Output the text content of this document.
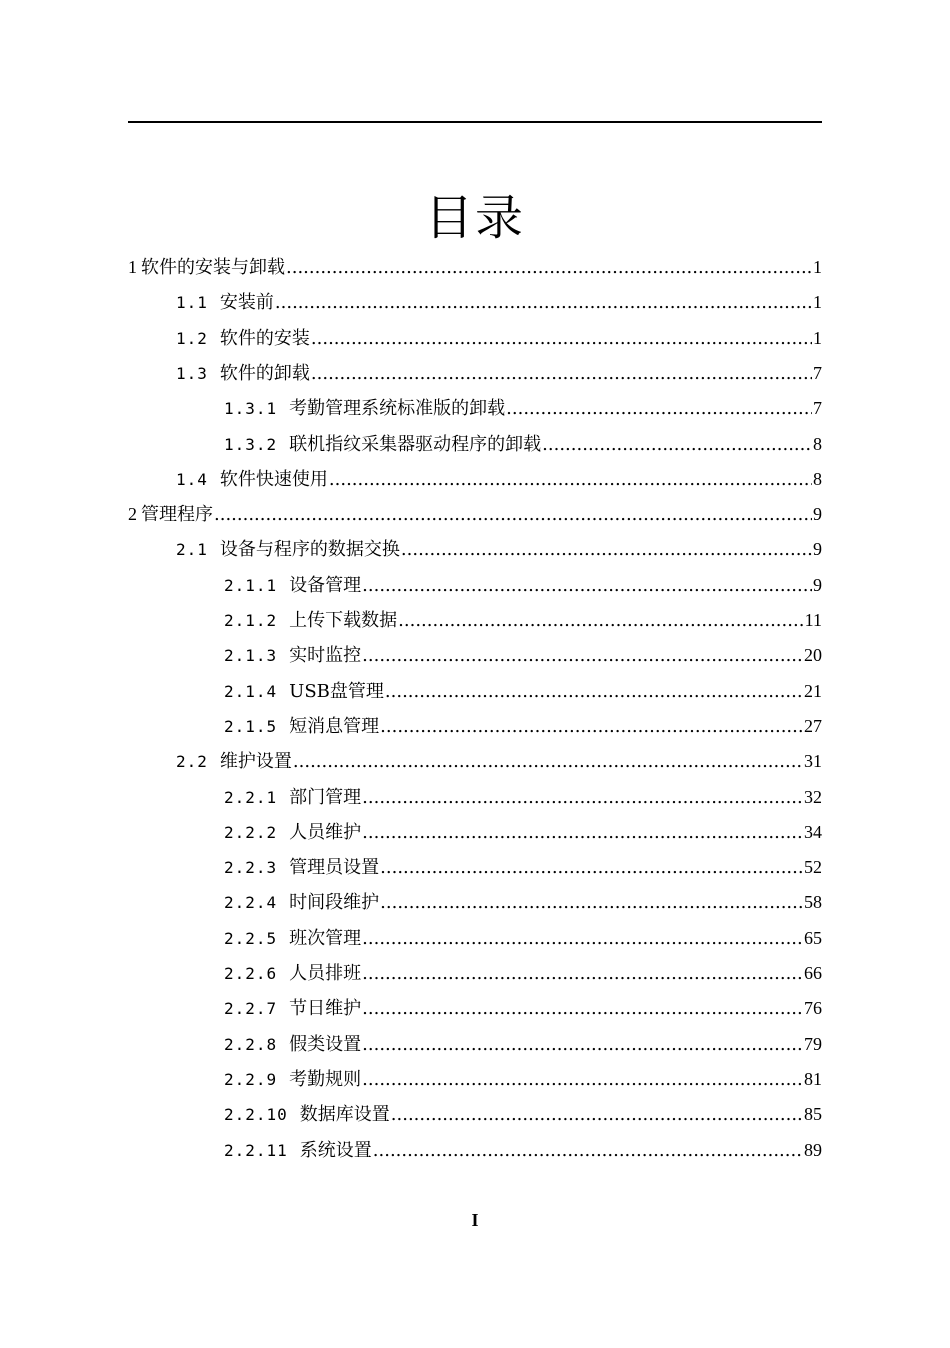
目录
1 软件的安装与卸载 .....	1
1.1 安装前 .....	1
1.2 软件的安装 .....	1
1.3 软件的卸载 .....	7
1.3.1 考勤管理系统标准版的卸载 .....	7
1.3.2 联机指纹采集器驱动程序的卸载 .....	8
1.4 软件快速使用 .....	8
2 管理程序 .....	9
2.1 设备与程序的数据交换 .....	9
2.1.1 设备管理 .....	9
2.1.2 上传下载数据 .....	11
2.1.3 实时监控 .....	20
2.1.4 USB盘管理 .....	21
2.1.5 短消息管理 .....	27
2.2 维护设置 .....	31
2.2.1 部门管理 .....	32
2.2.2 人员维护 .....	34
2.2.3 管理员设置 .....	52
2.2.4 时间段维护 .....	58
2.2.5 班次管理 .....	65
2.2.6 人员排班 .....	66
2.2.7 节日维护 .....	76
2.2.8 假类设置 .....	79
2.2.9 考勤规则 .....	81
2.2.10 数据库设置 .....	85
2.2.11 系统设置 .....	89
I
